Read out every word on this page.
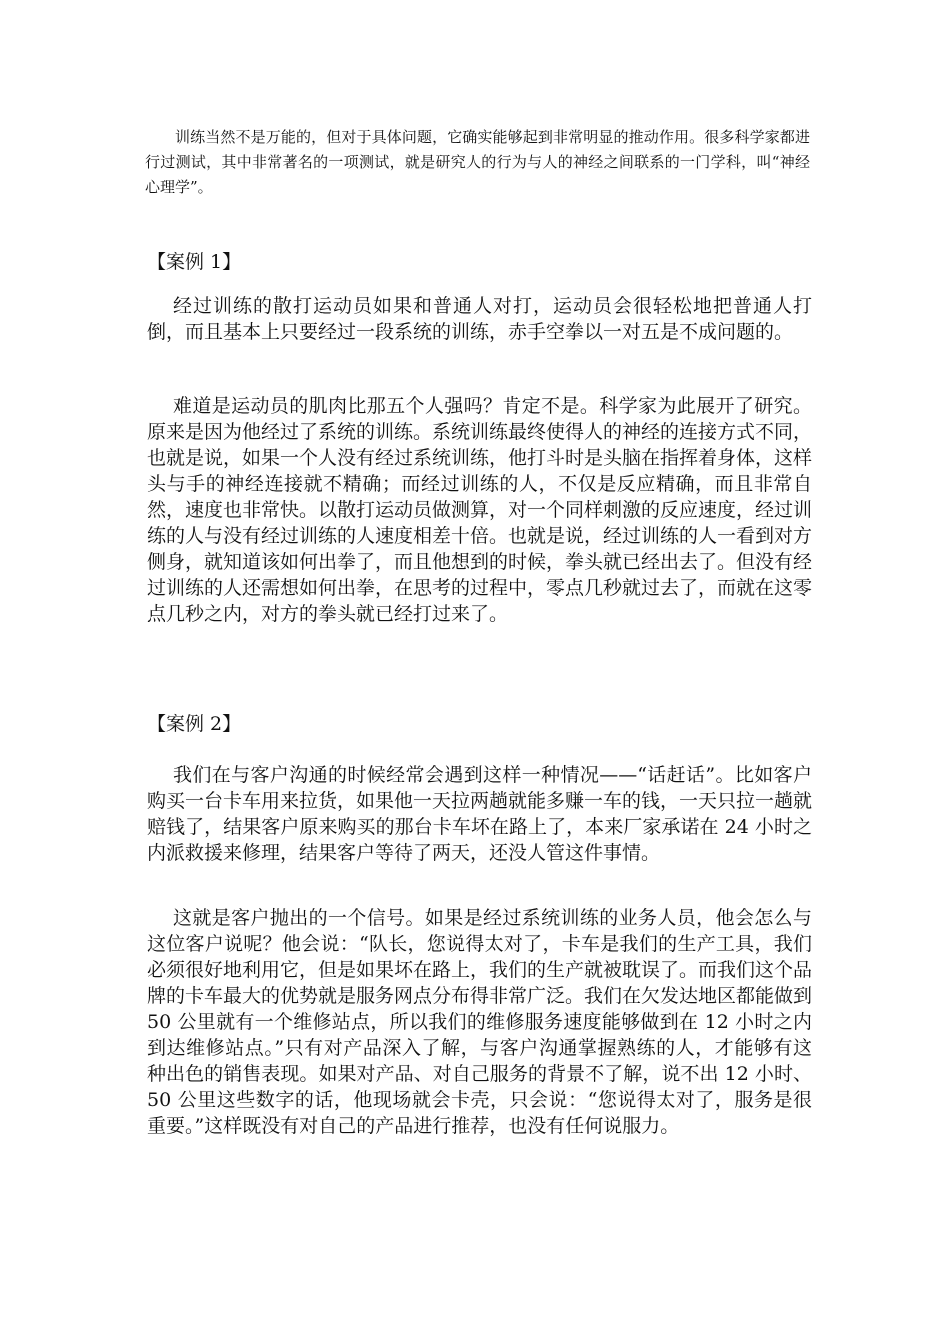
训练当然不是万能的，但对于具体问题，它确实能够起到非常明显的推动作用。很多科学家都进行过测试，其中非常著名的一项测试，就是研究人的行为与人的神经之间联系的一门学科，叫“神经心理学”。

【案例 1】

经过训练的散打运动员如果和普通人对打，运动员会很轻松地把普通人打倒，而且基本上只要经过一段系统的训练，赤手空拳以一对五是不成问题的。

难道是运动员的肌肉比那五个人强吗？肯定不是。科学家为此展开了研究。原来是因为他经过了系统的训练。系统训练最终使得人的神经的连接方式不同，也就是说，如果一个人没有经过系统训练，他打斗时是头脑在指挥着身体，这样头与手的神经连接就不精确；而经过训练的人，不仅是反应精确，而且非常自然，速度也非常快。以散打运动员做测算，对一个同样刺激的反应速度，经过训练的人与没有经过训练的人速度相差十倍。也就是说，经过训练的人一看到对方侧身，就知道该如何出拳了，而且他想到的时候，拳头就已经出去了。但没有经过训练的人还需想如何出拳，在思考的过程中，零点几秒就过去了，而就在这零点几秒之内，对方的拳头就已经打过来了。

【案例 2】

我们在与客户沟通的时候经常会遇到这样一种情况——“话赶话”。比如客户购买一台卡车用来拉货，如果他一天拉两趟就能多赚一车的钱，一天只拉一趟就赔钱了，结果客户原来购买的那台卡车坏在路上了，本来厂家承诺在 24 小时之内派救援来修理，结果客户等待了两天，还没人管这件事情。

这就是客户抛出的一个信号。如果是经过系统训练的业务人员，他会怎么与这位客户说呢？他会说：“队长，您说得太对了，卡车是我们的生产工具，我们必须很好地利用它，但是如果坏在路上，我们的生产就被耽误了。而我们这个品牌的卡车最大的优势就是服务网点分布得非常广泛。我们在欠发达地区都能做到 50 公里就有一个维修站点，所以我们的维修服务速度能够做到在 12 小时之内到达维修站点。”只有对产品深入了解，与客户沟通掌握熟练的人，才能够有这种出色的销售表现。如果对产品、对自己服务的背景不了解，说不出 12 小时、50 公里这些数字的话，他现场就会卡壳，只会说：“您说得太对了，服务是很重要。”这样既没有对自己的产品进行推荐，也没有任何说服力。
